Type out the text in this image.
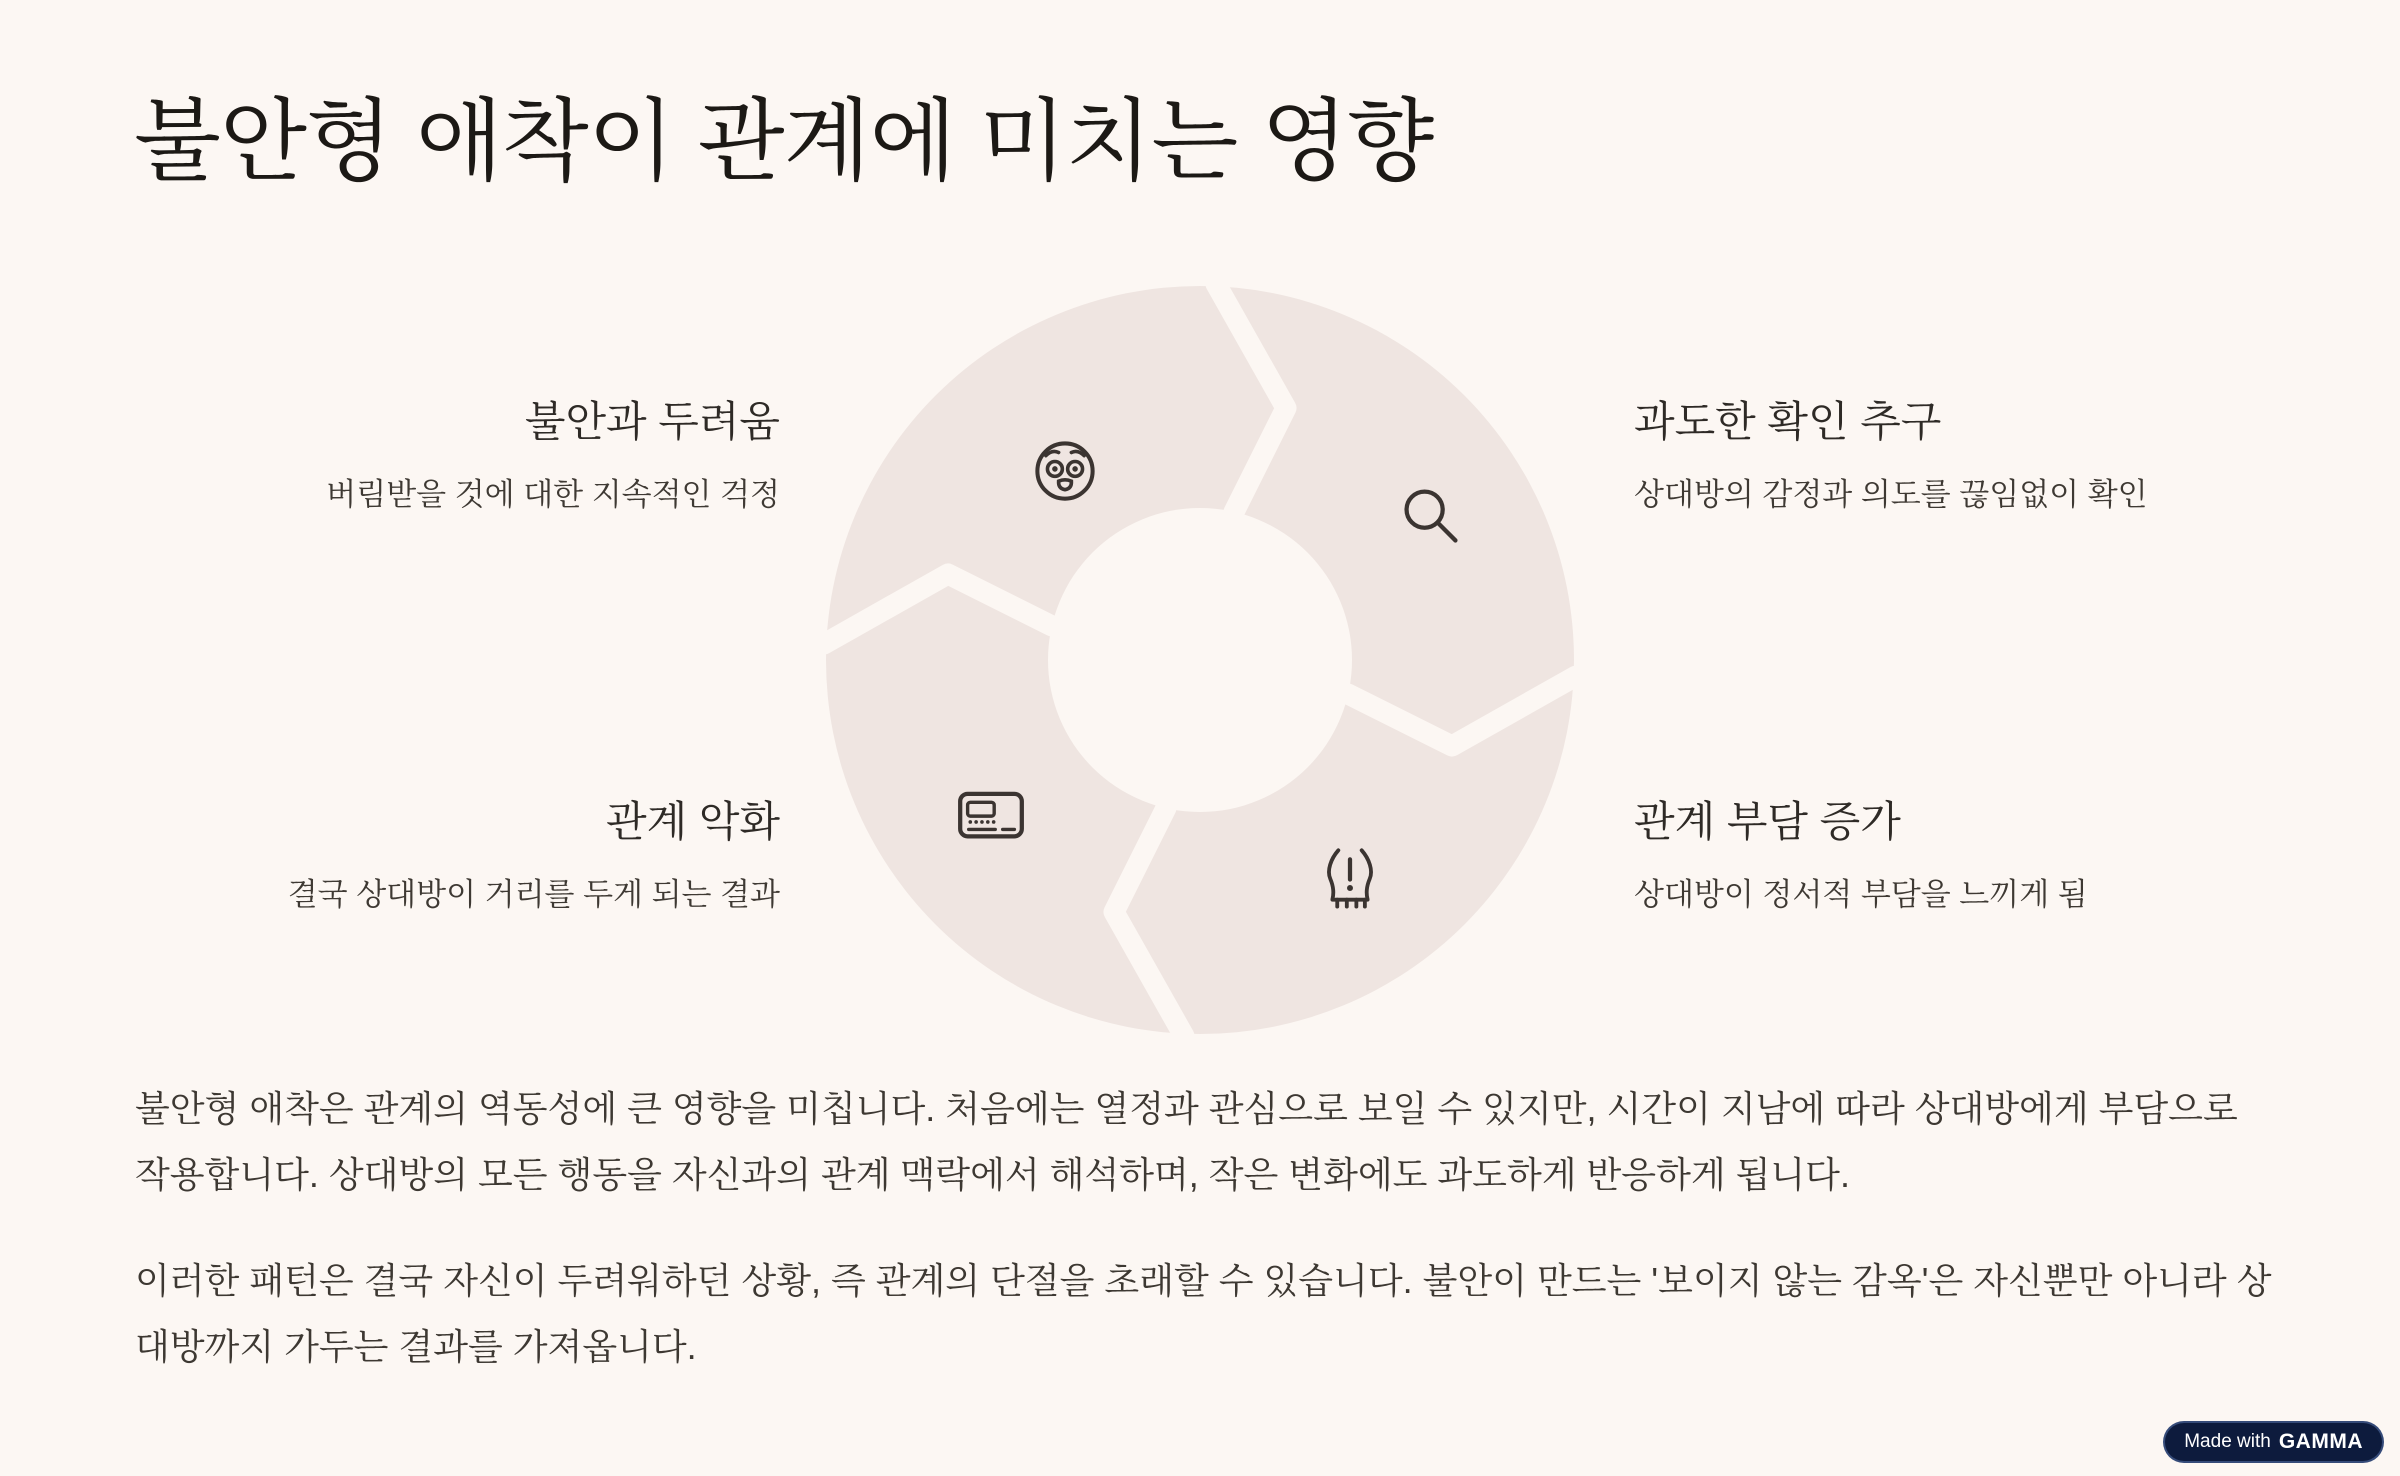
불안형 애착이 관계에 미치는 영향
불안과 두려움
버림받을 것에 대한 지속적인 걱정
과도한 확인 추구
상대방의 감정과 의도를 끊임없이 확인
관계 악화
결국 상대방이 거리를 두게 되는 결과
관계 부담 증가
상대방이 정서적 부담을 느끼게 됨

불안형 애착은 관계의 역동성에 큰 영향을 미칩니다. 처음에는 열정과 관심으로 보일 수 있지만, 시간이 지남에 따라 상대방에게 부담으로 작용합니다. 상대방의 모든 행동을 자신과의 관계 맥락에서 해석하며, 작은 변화에도 과도하게 반응하게 됩니다.

이러한 패턴은 결국 자신이 두려워하던 상황, 즉 관계의 단절을 초래할 수 있습니다. 불안이 만드는 '보이지 않는 감옥'은 자신뿐만 아니라 상대방까지 가두는 결과를 가져옵니다.

Made with GAMMA
